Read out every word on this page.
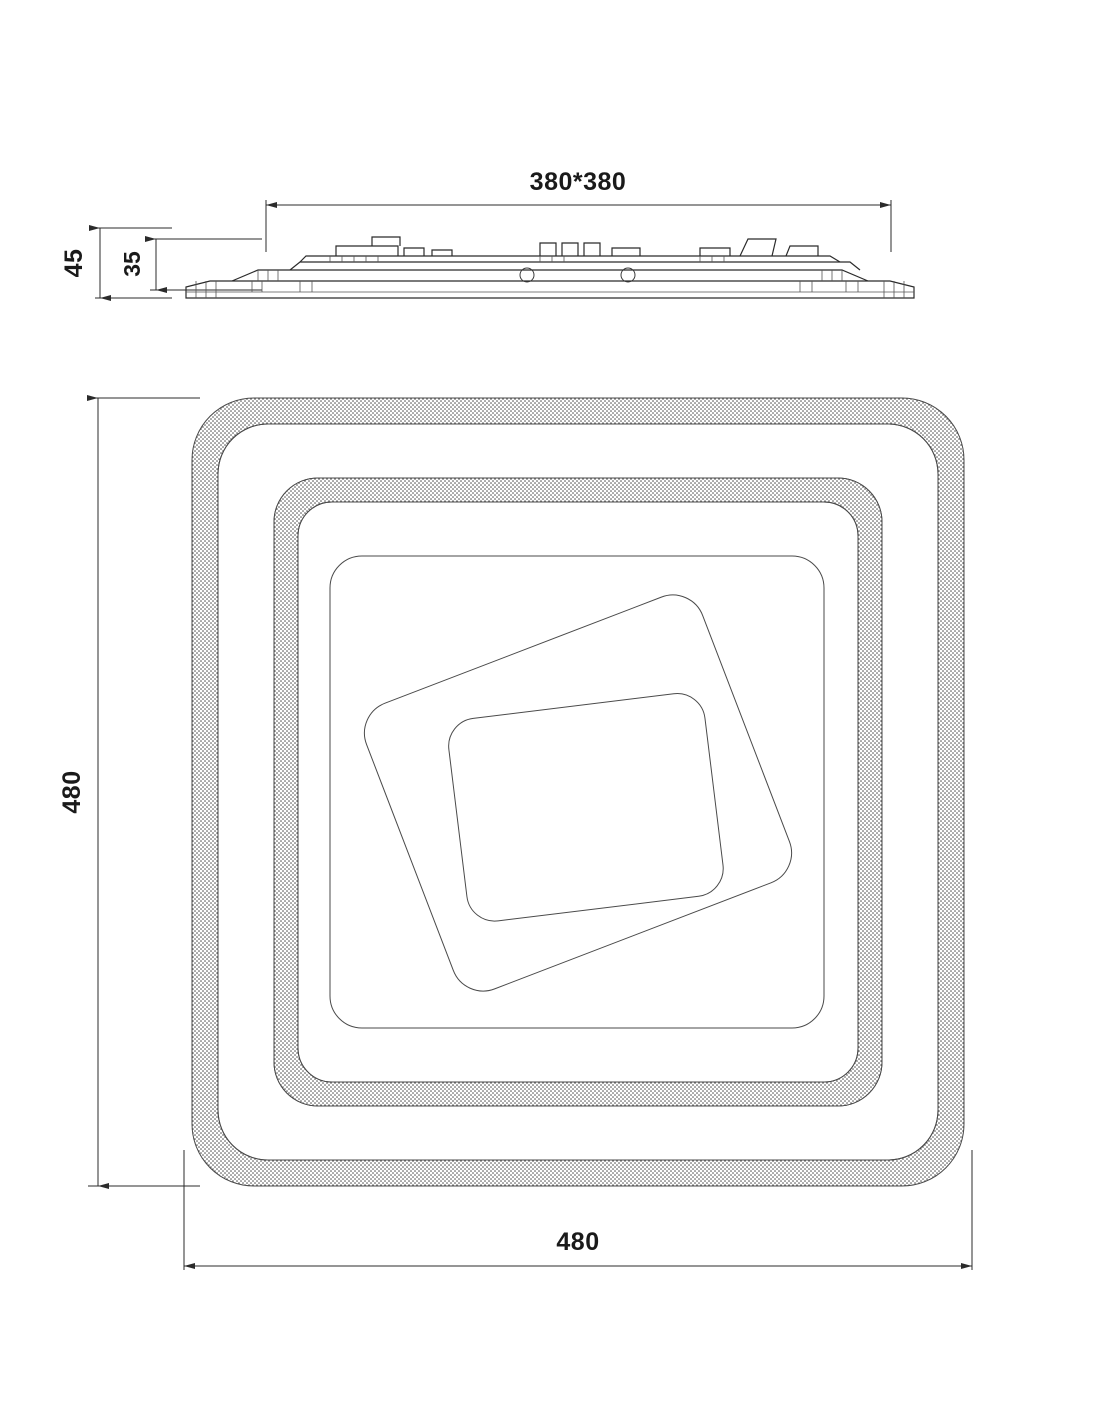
380*380
45 35
480
480
